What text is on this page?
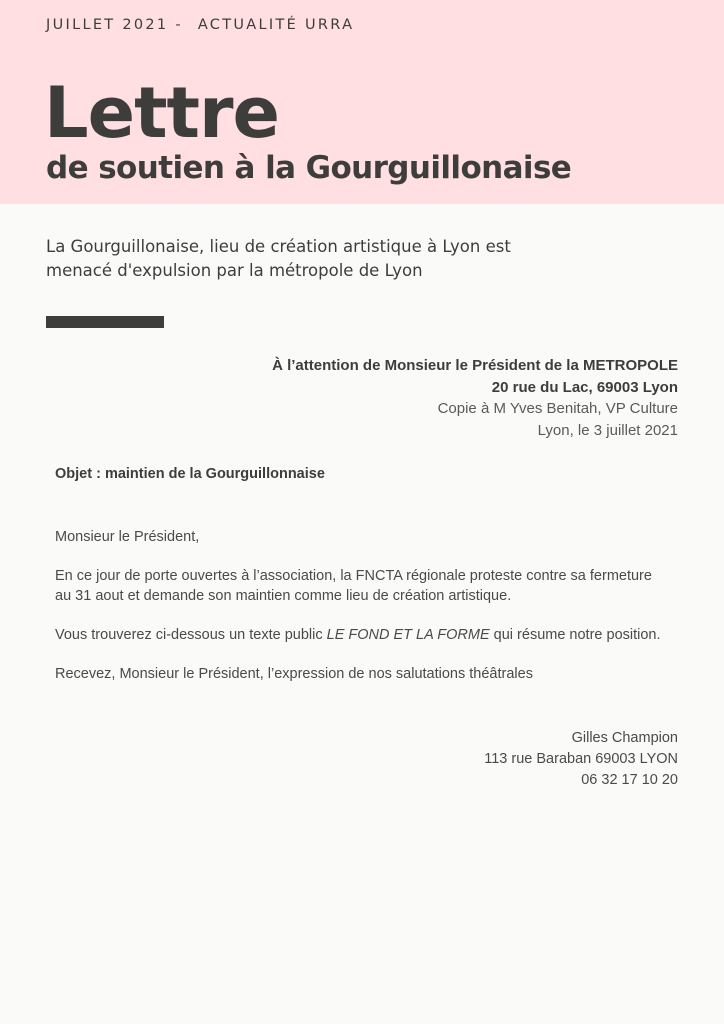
JUILLET 2021 - ACTUALITÉ URRA
Lettre
de soutien à la Gourguillonaise
La Gourguillonaise, lieu de création artistique à Lyon est
menacé d'expulsion par la métropole de Lyon
À l’attention de Monsieur le Président de la METROPOLE
20 rue du Lac, 69003 Lyon
Copie à M Yves Benitah, VP Culture
Lyon, le 3 juillet 2021
Objet : maintien de la Gourguillonnaise

Monsieur le Président,

En ce jour de porte ouvertes à l’association, la FNCTA régionale proteste contre sa fermeture
au 31 aout et demande son maintien comme lieu de création artistique.

Vous trouverez ci-dessous un texte public LE FOND ET LA FORME qui résume notre position.

Recevez, Monsieur le Président, l’expression de nos salutations théâtrales

Gilles Champion
113 rue Baraban 69003 LYON
06 32 17 10 20
